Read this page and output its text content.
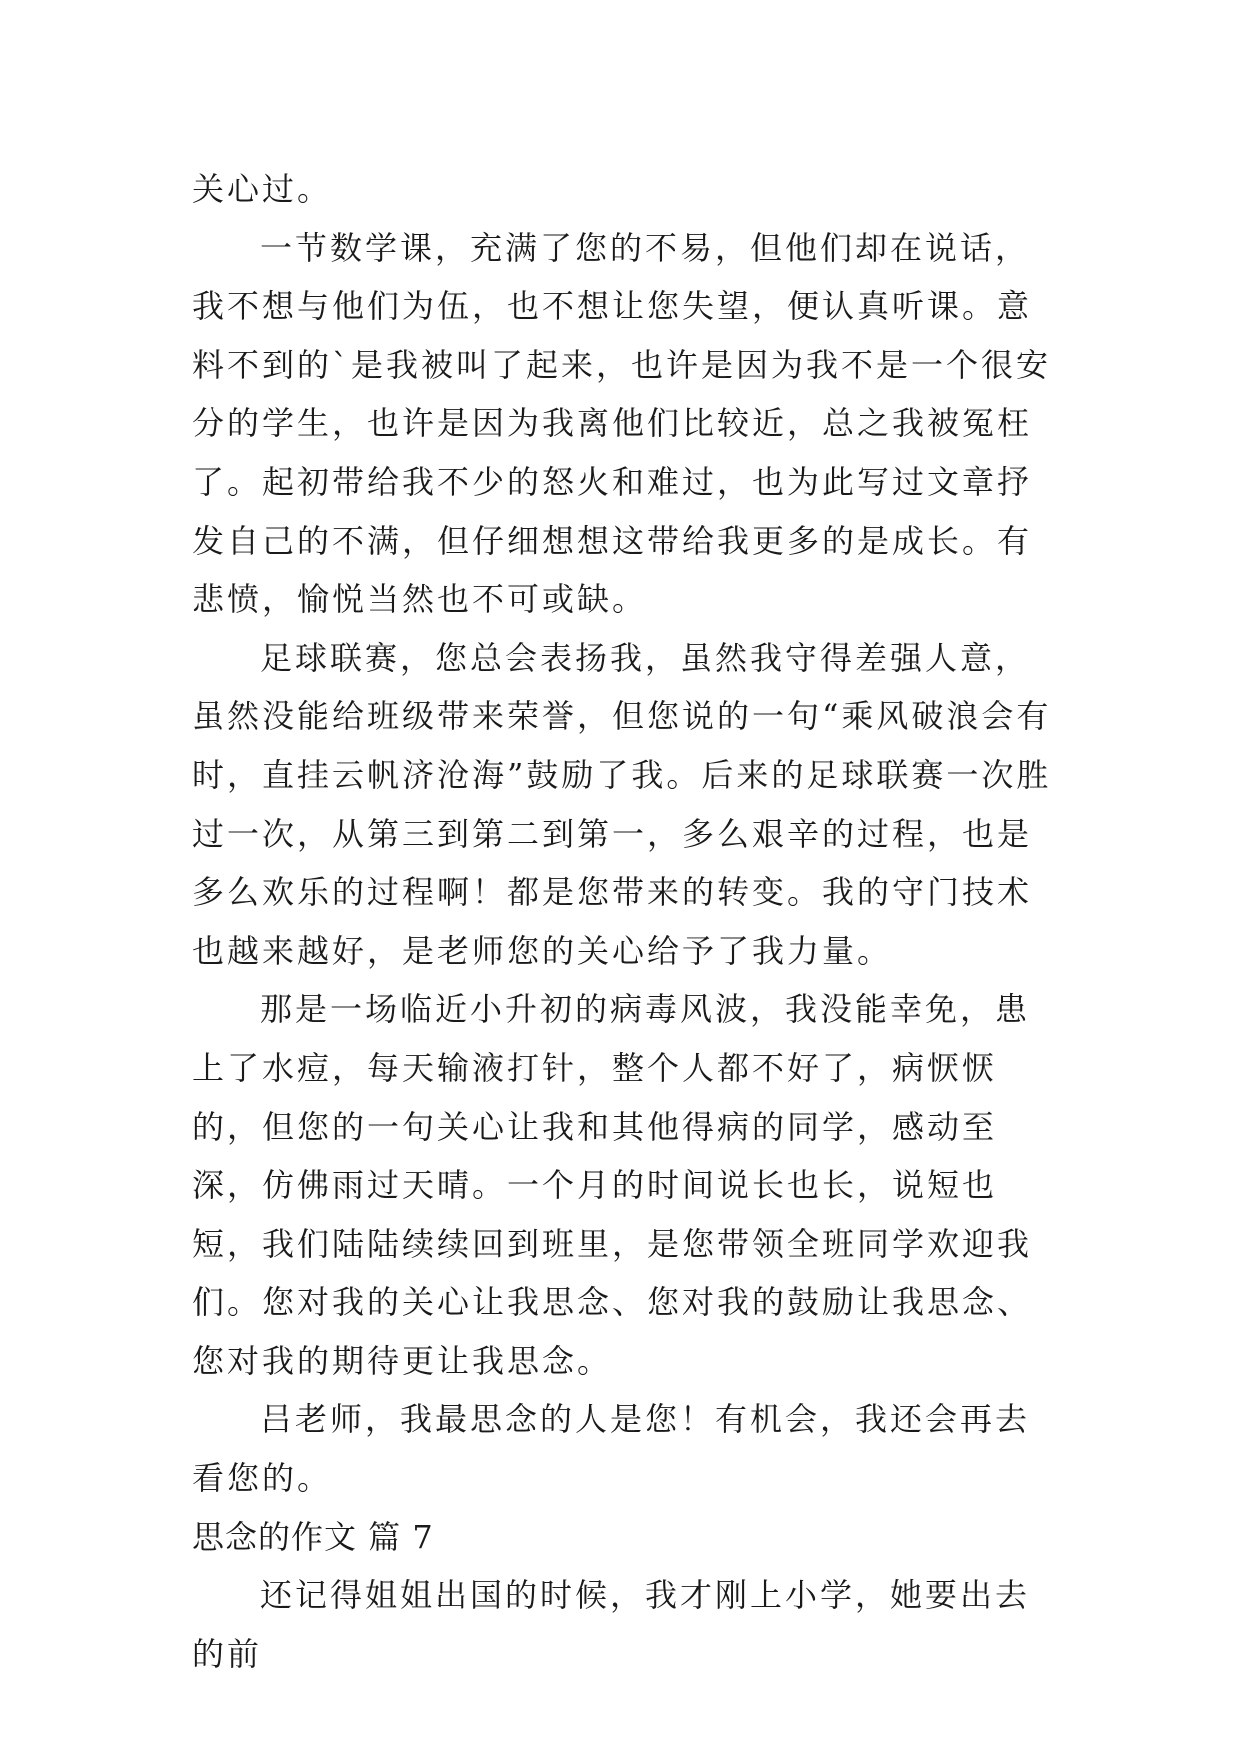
关心过。

一节数学课，充满了您的不易，但他们却在说话，我不想与他们为伍，也不想让您失望，便认真听课。意料不到的`是我被叫了起来，也许是因为我不是一个很安分的学生，也许是因为我离他们比较近，总之我被冤枉了。起初带给我不少的怒火和难过，也为此写过文章抒发自己的不满，但仔细想想这带给我更多的是成长。有悲愤，愉悦当然也不可或缺。

足球联赛，您总会表扬我，虽然我守得差强人意，虽然没能给班级带来荣誉，但您说的一句“乘风破浪会有时，直挂云帆济沧海”鼓励了我。后来的足球联赛一次胜过一次，从第三到第二到第一，多么艰辛的过程，也是多么欢乐的过程啊！都是您带来的转变。我的守门技术也越来越好，是老师您的关心给予了我力量。

那是一场临近小升初的病毒风波，我没能幸免，患上了水痘，每天输液打针，整个人都不好了，病恹恹的，但您的一句关心让我和其他得病的同学，感动至深，仿佛雨过天晴。一个月的时间说长也长，说短也短，我们陆陆续续回到班里，是您带领全班同学欢迎我们。您对我的关心让我思念、您对我的鼓励让我思念、您对我的期待更让我思念。

吕老师，我最思念的人是您！有机会，我还会再去看您的。

思念的作文 篇 7

还记得姐姐出国的时候，我才刚上小学，她要出去的前
